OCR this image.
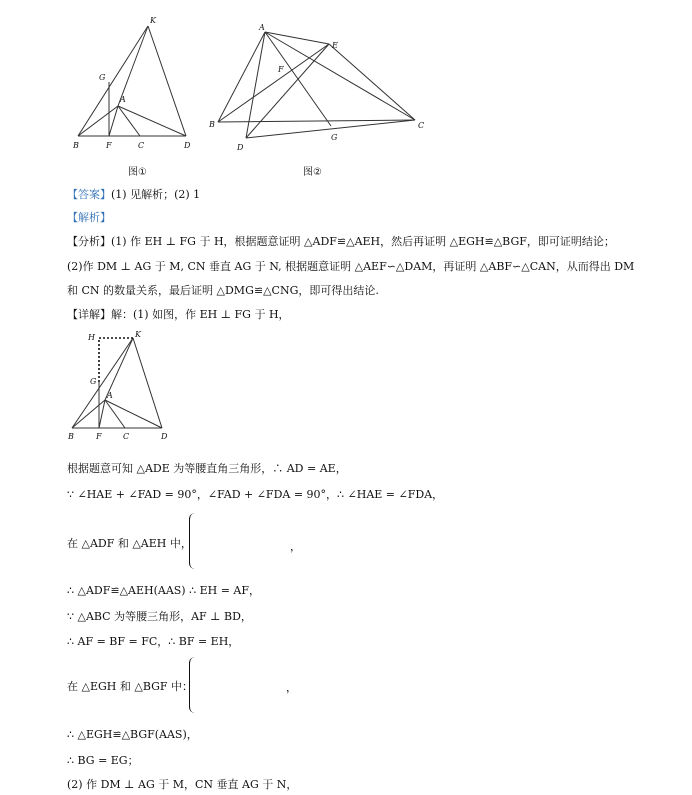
K
G
A
B	F	C	D
图①
A
E
F
B	C
D
G
图②
【答案】(1) 见解析；(2) 1
【解析】
【分析】(1) 作 EH ⊥ FG 于 H，根据题意证明 △ADF≌△AEH，然后再证明 △EGH≌△BGF，即可证明结论；
(2)作 DM ⊥ AG 于 M, CN 垂直 AG 于 N, 根据题意证明 △AEF∽△DAM，再证明 △ABF∽△CAN，从而得出 DM
和 CN 的数量关系，最后证明 △DMG≌△CNG，即可得出结论.
【详解】解：(1) 如图，作 EH ⊥ FG 于 H，
H	K
G
A
B	F	C	D
根据题意可知 △ADE 为等腰直角三角形，∴ AD = AE，
∵ ∠HAE + ∠FAD = 90°，∠FAD + ∠FDA = 90°，∴ ∠HAE = ∠FDA，
在 △ADF 和 △AEH 中，	，
∴ △ADF≌△AEH(AAS) ∴ EH = AF，
∵ △ABC 为等腰三角形，AF ⊥ BD，
∴ AF = BF = FC，∴ BF = EH，
在 △EGH 和 △BGF 中：	，
∴ △EGH≌△BGF(AAS)，
∴ BG = EG；
(2) 作 DM ⊥ AG 于 M，CN 垂直 AG 于 N，
